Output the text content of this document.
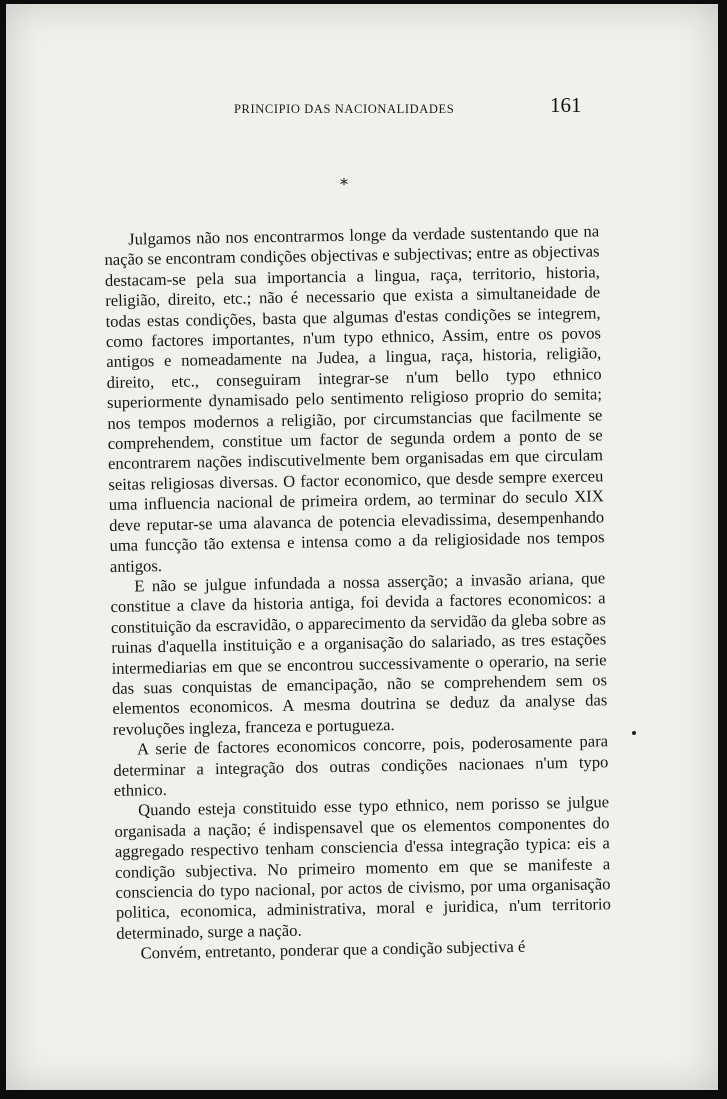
PRINCIPIO DAS NACIONALIDADES	161
*

Julgamos não nos encontrarmos longe da verdade sustentando que na nação se encontram condições objectivas e subjectivas; entre as objectivas destacam-se pela sua importancia a lingua, raça, territorio, historia, religião, direito, etc.; não é necessario que exista a simultaneidade de todas estas condições, basta que algumas d'estas condições se integrem, como factores importantes, n'um typo ethnico, Assim, entre os povos antigos e nomeadamente na Judea, a lingua, raça, historia, religião, direito, etc., conseguiram integrar-se n'um bello typo ethnico superiormente dynamisado pelo sentimento religioso proprio do semita; nos tempos modernos a religião, por circumstancias que facilmente se comprehendem, constitue um factor de segunda ordem a ponto de se encontrarem nações indiscutivelmente bem organisadas em que circulam seitas religiosas diversas. O factor economico, que desde sempre exerceu uma influencia nacional de primeira ordem, ao terminar do seculo XIX deve reputar-se uma alavanca de potencia elevadissima, desempenhando uma funcção tão extensa e intensa como a da religiosidade nos tempos antigos.

E não se julgue infundada a nossa asserção; a invasão ariana, que constitue a clave da historia antiga, foi devida a factores economicos: a constituição da escravidão, o apparecimento da servidão da gleba sobre as ruinas d'aquella instituição e a organisação do salariado, as tres estações intermediarias em que se encontrou successivamente o operario, na serie das suas conquistas de emancipação, não se comprehendem sem os elementos economicos. A mesma doutrina se deduz da analyse das revoluções ingleza, franceza e portugueza.

A serie de factores economicos concorre, pois, poderosamente para determinar a integração dos outras condições nacionaes n'um typo ethnico.

Quando esteja constituido esse typo ethnico, nem porisso se julgue organisada a nação; é indispensavel que os elementos componentes do aggregado respectivo tenham consciencia d'essa integração typica: eis a condição subjectiva. No primeiro momento em que se manifeste a consciencia do typo nacional, por actos de civismo, por uma organisação politica, economica, administrativa, moral e juridica, n'um territorio determinado, surge a nação.

Convém, entretanto, ponderar que a condição subjectiva é
